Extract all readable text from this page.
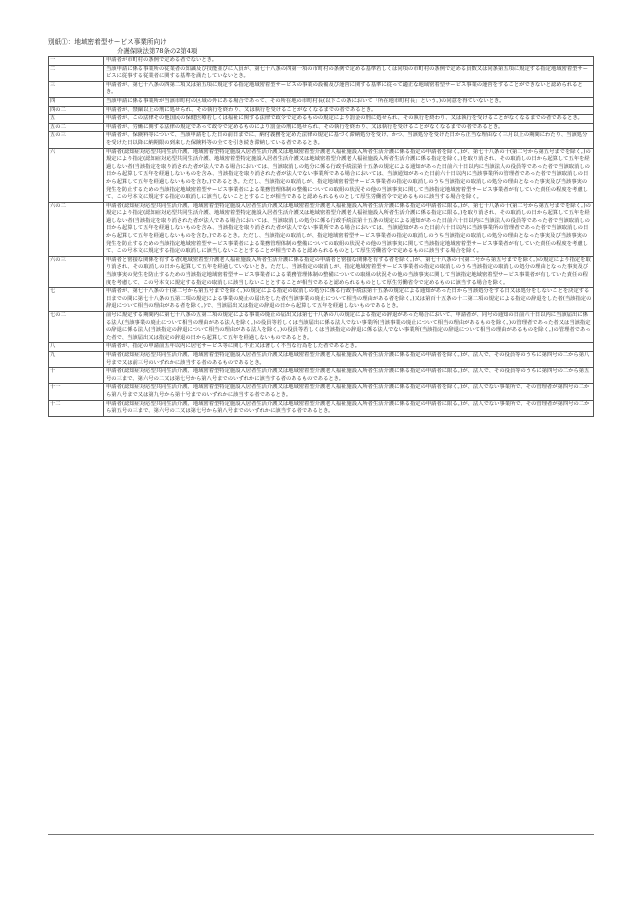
別紙①：地域密着型サービス事業所向け
介護保険法第78条の2第4項
一	申請者が市町村の条例で定める者でないとき。
二	当該申請に係る事業所の従業者の知識及び技能並びに人員が、第七十八条の四第一項の市町村の条例で定める基準若しくは同項の市町村の条例で定める員数又は同条第五項に規定する指定地域密着型サービスに従事する従業者に関する基準を満たしていないとき。
三	申請者が、第七十八条の四第二項又は第五項に規定する指定地域密着型サービスの事業の設備及び運営に関する基準に従って適正な地域密着型サービス事業の運営をすることができないと認められるとき。
四	当該申請に係る事業所が当該市町村の区域の外にある場合であって、その所在地の市町村長(以下この条において「所在地市町村長」という。)の同意を得ていないとき。
四の二	申請者が、禁錮以上の刑に処せられ、その執行を終わり、又は執行を受けることがなくなるまでの者であるとき。
五	申請者が、この法律その他国民の保健医療若しくは福祉に関する法律で政令で定めるものの規定により罰金の刑に処せられ、その執行を終わり、又は執行を受けることがなくなるまでの者であるとき。
五の二	申請者が、労働に関する法律の規定であって政令で定めるものにより罰金の刑に処せられ、その執行を終わり、又は執行を受けることがなくなるまでの者であるとき。
五の三	申請者が、保険料等について、当該申請をした日の前日までに、納付義務を定めた法律の規定に基づく滞納処分を受け、かつ、当該処分を受けた日から正当な理由なく三月以上の期間にわたり、当該処分を受けた日以降に納期限の到来した保険料等の全てを引き続き滞納している者であるとき。
六	申請者(認知症対応型共同生活介護、地域密着型特定施設入居者生活介護又は地域密着型介護老人福祉施設入所者生活介護に係る指定の申請者を除く。)が、第七十八条の十(第二号から第五号までを除く。)の規定により指定(認知症対応型共同生活介護、地域密着型特定施設入居者生活介護又は地域密着型介護老人福祉施設入所者生活介護に係る指定を除く。)を取り消され、その取消しの日から起算して五年を経過しない者(当該指定を取り消された者が法人である場合においては、当該取消しの処分に係る行政手続法第十五条の規定による通知があった日前六十日以内に当該法人の役員等であった者で当該取消しの日から起算して五年を経過しないものを含み、当該指定を取り消された者が法人でない事業所である場合においては、当該通知があった日前六十日以内に当該事業所の管理者であった者で当該取消しの日から起算して五年を経過しないものを含む。)であるとき。ただし、当該指定の取消しが、指定地域密着型サービス事業者の指定の取消しのうち当該指定の取消しの処分の理由となった事実及び当該事実の発生を防止するための当該指定地域密着型サービス事業者による業務管理体制の整備についての取組の状況その他の当該事実に関して当該指定地域密着型サービス事業者が有していた責任の程度を考慮して、この号本文に規定する指定の取消しに該当しないこととすることが相当であると認められるものとして厚生労働省令で定めるものに該当する場合を除く。
六の二	申請者(認知症対応型共同生活介護、地域密着型特定施設入居者生活介護又は地域密着型介護老人福祉施設入所者生活介護に係る指定の申請者に限る。)が、第七十八条の十(第二号から第五号までを除く。)の規定により指定(認知症対応型共同生活介護、地域密着型特定施設入居者生活介護又は地域密着型介護老人福祉施設入所者生活介護に係る指定に限る。)を取り消され、その取消しの日から起算して五年を経過しない者(当該指定を取り消された者が法人である場合においては、当該取消しの処分に係る行政手続法第十五条の規定による通知があった日前六十日以内に当該法人の役員等であった者で当該取消しの日から起算して五年を経過しないものを含み、当該指定を取り消された者が法人でない事業所である場合においては、当該通知があった日前六十日以内に当該事業所の管理者であった者で当該取消しの日から起算して五年を経過しないものを含む。)であるとき。ただし、当該指定の取消しが、指定地域密着型サービス事業者の指定の取消しのうち当該指定の取消しの処分の理由となった事実及び当該事実の発生を防止するための当該指定地域密着型サービス事業者による業務管理体制の整備についての取組の状況その他の当該事実に関して当該指定地域密着型サービス事業者が有していた責任の程度を考慮して、この号本文に規定する指定の取消しに該当しないこととすることが相当であると認められるものとして厚生労働省令で定めるものに該当する場合を除く。
六の三	申請者と密接な関係を有する者(地域密着型介護老人福祉施設入所者生活介護に係る指定の申請者と密接な関係を有する者を除く。)が、第七十八条の十(第二号から第五号までを除く。)の規定により指定を取り消され、その取消しの日から起算して五年を経過していないとき。ただし、当該指定の取消しが、指定地域密着型サービス事業者の指定の取消しのうち当該指定の取消しの処分の理由となった事実及び当該事実の発生を防止するための当該指定地域密着型サービス事業者による業務管理体制の整備についての取組の状況その他の当該事実に関して当該指定地域密着型サービス事業者が有していた責任の程度を考慮して、この号本文に規定する指定の取消しに該当しないこととすることが相当であると認められるものとして厚生労働省令で定めるものに該当する場合を除く。
七	申請者が、第七十八条の十(第二号から第五号までを除く。)の規定による指定の取消しの処分に係る行政手続法第十五条の規定による通知があった日から当該処分をする日又は処分をしないことを決定する日までの間に第七十八条の五第二項の規定による事業の廃止の届出をした者(当該事業の廃止について相当の理由がある者を除く。)又は第百十五条の十二第二項の規定による指定の辞退をした者(当該指定の辞退について相当の理由がある者を除く。)で、当該届出又は指定の辞退の日から起算して五年を経過しないものであるとき。
七の二	前号に規定する期間内に第七十八条の五第二項の規定による事業の廃止の届出又は第七十八条の八の規定による指定の辞退があった場合において、申請者が、同号の通知の日前六十日以内に当該届出に係る法人(当該事業の廃止について相当の理由がある法人を除く。)の役員等若しくは当該届出に係る法人でない事業所(当該事業の廃止について相当の理由があるものを除く。)の管理者であった者又は当該指定の辞退に係る法人(当該指定の辞退について相当の理由がある法人を除く。)の役員等若しくは当該指定の辞退に係る法人でない事業所(当該指定の辞退について相当の理由があるものを除く。)の管理者であった者で、当該届出又は指定の辞退の日から起算して五年を経過しないものであるとき。
八	申請者が、指定の申請前五年以内に居宅サービス等に関し不正又は著しく不当な行為をした者であるとき。
九	申請者(認知症対応型共同生活介護、地域密着型特定施設入居者生活介護又は地域密着型介護老人福祉施設入所者生活介護に係る指定の申請者を除く。)が、法人で、その役員等のうちに第四号の二から第八号まで又は前三号のいずれかに該当する者のあるものであるとき。
十	申請者(認知症対応型共同生活介護、地域密着型特定施設入居者生活介護又は地域密着型介護老人福祉施設入所者生活介護に係る指定の申請者に限る。)が、法人で、その役員等のうちに第四号の二から第五号の三まで、第六号の二又は第七号から第八号までのいずれかに該当する者のあるものであるとき。
十一	申請者(認知症対応型共同生活介護、地域密着型特定施設入居者生活介護又は地域密着型介護老人福祉施設入所者生活介護に係る指定の申請者を除く。)が、法人でない事業所で、その管理者が第四号の二から第八号まで又は第九号から第十号までのいずれかに該当する者であるとき。
十二	申請者(認知症対応型共同生活介護、地域密着型特定施設入居者生活介護又は地域密着型介護老人福祉施設入所者生活介護に係る指定の申請者に限る。)が、法人でない事業所で、その管理者が第四号の二から第五号の三まで、第六号の二又は第七号から第八号までのいずれかに該当する者であるとき。
